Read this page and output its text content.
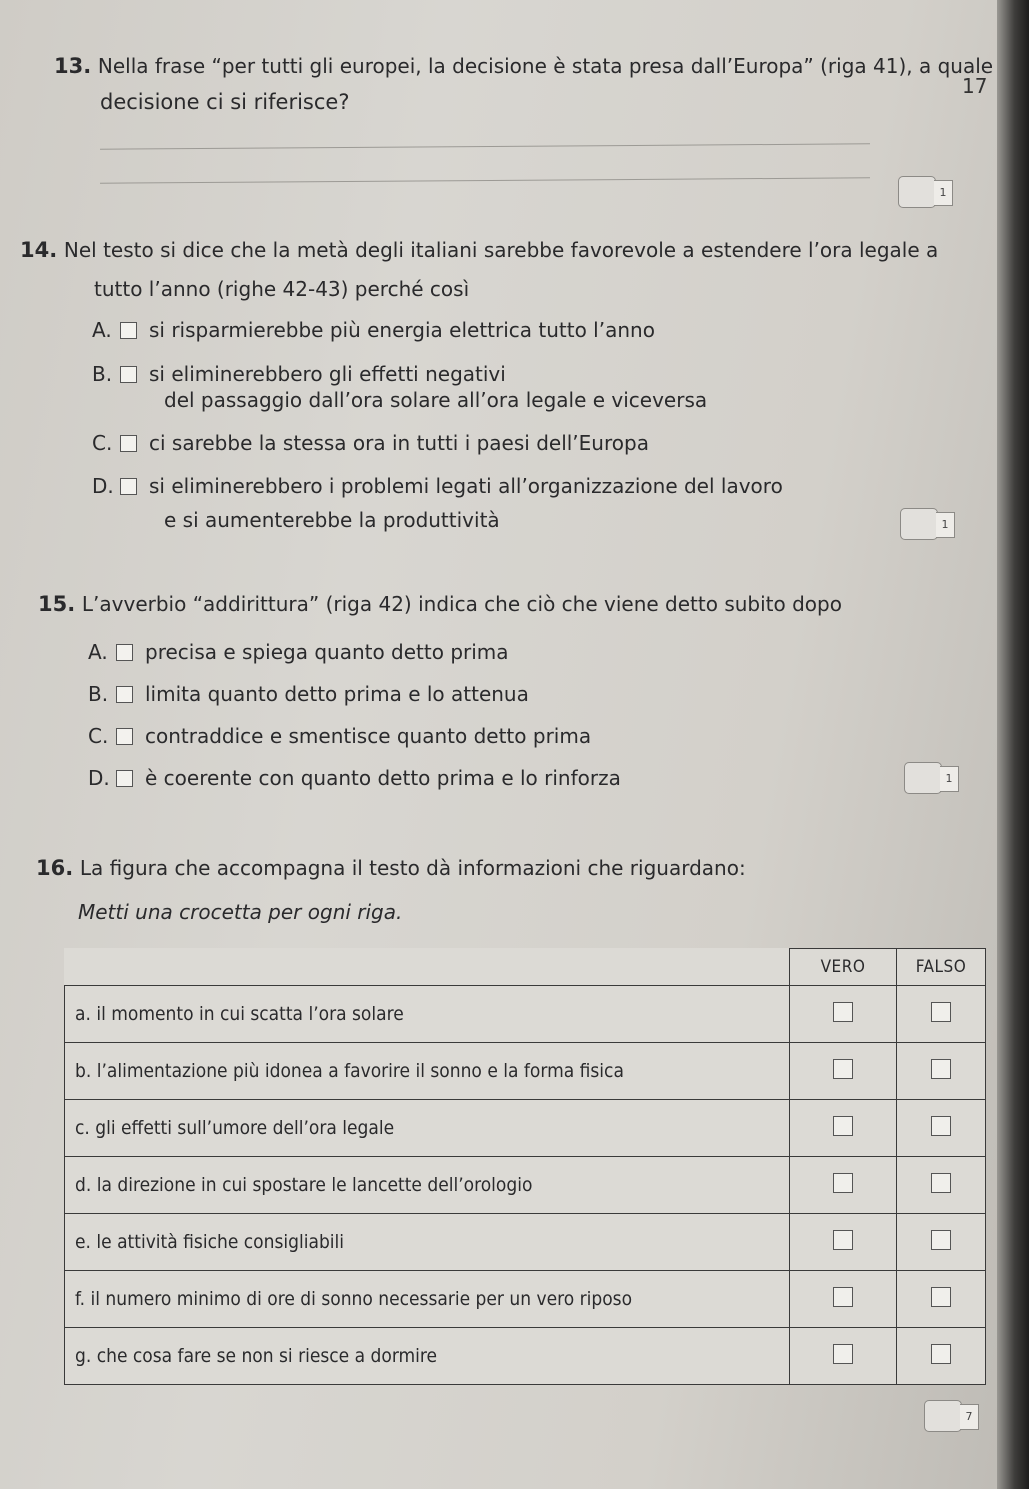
13. Nella frase “per tutti gli europei, la decisione è stata presa dall’Europa” (riga 41), a quale
decisione ci si riferisce?
17
1
14. Nel testo si dice che la metà degli italiani sarebbe favorevole a estendere l’ora legale a
tutto l’anno (righe 42-43) perché così
A. si risparmierebbe più energia elettrica tutto l’anno
B. si eliminerebbero gli effetti negativi
del passaggio dall’ora solare all’ora legale e viceversa
C. ci sarebbe la stessa ora in tutti i paesi dell’Europa
D. si eliminerebbero i problemi legati all’organizzazione del lavoro
e si aumenterebbe la produttività	1
15. L’avverbio “addirittura” (riga 42) indica che ciò che viene detto subito dopo
A. precisa e spiega quanto detto prima
B. limita quanto detto prima e lo attenua
C. contraddice e smentisce quanto detto prima
D. è coerente con quanto detto prima e lo rinforza	1
16. La figura che accompagna il testo dà informazioni che riguardano:
Metti una crocetta per ogni riga.
	VERO	FALSO
a. il momento in cui scatta l’ora solare		
b. l’alimentazione più idonea a favorire il sonno e la forma fisica		
c. gli effetti sull’umore dell’ora legale		
d. la direzione in cui spostare le lancette dell’orologio		
e. le attività fisiche consigliabili		
f. il numero minimo di ore di sonno necessarie per un vero riposo		
g. che cosa fare se non si riesce a dormire		
7
